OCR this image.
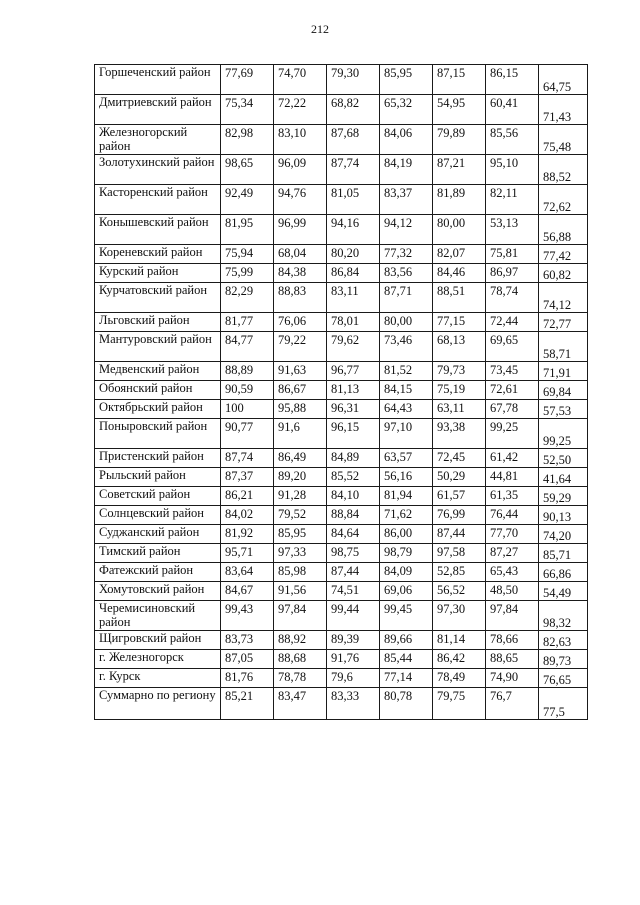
212
Горшеченский район	77,69	74,70	79,30	85,95	87,15	86,15	64,75
Дмитриевский район	75,34	72,22	68,82	65,32	54,95	60,41	71,43
Железногорский район	82,98	83,10	87,68	84,06	79,89	85,56	75,48
Золотухинский район	98,65	96,09	87,74	84,19	87,21	95,10	88,52
Касторенский район	92,49	94,76	81,05	83,37	81,89	82,11	72,62
Конышевский район	81,95	96,99	94,16	94,12	80,00	53,13	56,88
Кореневский район	75,94	68,04	80,20	77,32	82,07	75,81	77,42
Курский район	75,99	84,38	86,84	83,56	84,46	86,97	60,82
Курчатовский район	82,29	88,83	83,11	87,71	88,51	78,74	74,12
Льговский район	81,77	76,06	78,01	80,00	77,15	72,44	72,77
Мантуровский район	84,77	79,22	79,62	73,46	68,13	69,65	58,71
Медвенский район	88,89	91,63	96,77	81,52	79,73	73,45	71,91
Обоянский район	90,59	86,67	81,13	84,15	75,19	72,61	69,84
Октябрьский район	100	95,88	96,31	64,43	63,11	67,78	57,53
Поныровский район	90,77	91,6	96,15	97,10	93,38	99,25	99,25
Пристенский район	87,74	86,49	84,89	63,57	72,45	61,42	52,50
Рыльский район	87,37	89,20	85,52	56,16	50,29	44,81	41,64
Советский район	86,21	91,28	84,10	81,94	61,57	61,35	59,29
Солнцевский район	84,02	79,52	88,84	71,62	76,99	76,44	90,13
Суджанский район	81,92	85,95	84,64	86,00	87,44	77,70	74,20
Тимский район	95,71	97,33	98,75	98,79	97,58	87,27	85,71
Фатежский район	83,64	85,98	87,44	84,09	52,85	65,43	66,86
Хомутовский район	84,67	91,56	74,51	69,06	56,52	48,50	54,49
Черемисиновский район	99,43	97,84	99,44	99,45	97,30	97,84	98,32
Щигровский район	83,73	88,92	89,39	89,66	81,14	78,66	82,63
г. Железногорск	87,05	88,68	91,76	85,44	86,42	88,65	89,73
г. Курск	81,76	78,78	79,6	77,14	78,49	74,90	76,65
Суммарно по региону	85,21	83,47	83,33	80,78	79,75	76,7	77,5
